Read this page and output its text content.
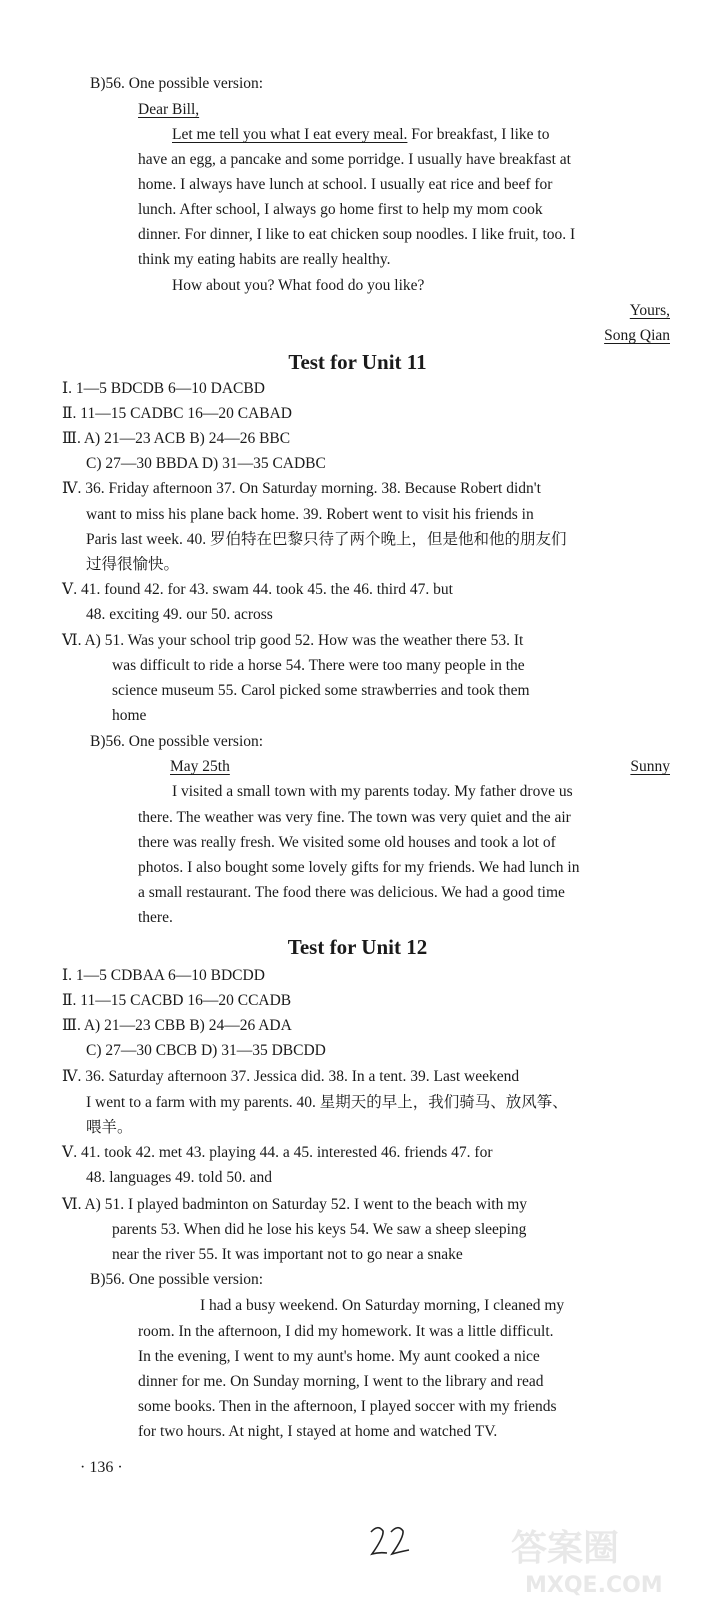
B)56. One possible version:
Dear Bill,
Let me tell you what I eat every meal. For breakfast, I like to
have an egg, a pancake and some porridge. I usually have breakfast at
home. I always have lunch at school. I usually eat rice and beef for
lunch. After school, I always go home first to help my mom cook
dinner. For dinner, I like to eat chicken soup noodles. I like fruit, too. I
think my eating habits are really healthy.
How about you? What food do you like?
Yours,
Song Qian
Test for Unit 11
Ⅰ. 1—5 BDCDB 6—10 DACBD
Ⅱ. 11—15 CADBC 16—20 CABAD
Ⅲ. A) 21—23 ACB B) 24—26 BBC
C) 27—30 BBDA D) 31—35 CADBC
Ⅳ. 36. Friday afternoon 37. On Saturday morning. 38. Because Robert didn't
want to miss his plane back home. 39. Robert went to visit his friends in
Paris last week. 40. 罗伯特在巴黎只待了两个晚上，但是他和他的朋友们
过得很愉快。
Ⅴ. 41. found 42. for 43. swam 44. took 45. the 46. third 47. but
48. exciting 49. our 50. across
Ⅵ. A) 51. Was your school trip good 52. How was the weather there 53. It
was difficult to ride a horse 54. There were too many people in the
science museum 55. Carol picked some strawberries and took them
home
B)56. One possible version:
May 25th	Sunny
I visited a small town with my parents today. My father drove us
there. The weather was very fine. The town was very quiet and the air
there was really fresh. We visited some old houses and took a lot of
photos. I also bought some lovely gifts for my friends. We had lunch in
a small restaurant. The food there was delicious. We had a good time
there.
Test for Unit 12
Ⅰ. 1—5 CDBAA 6—10 BDCDD
Ⅱ. 11—15 CACBD 16—20 CCADB
Ⅲ. A) 21—23 CBB B) 24—26 ADA
C) 27—30 CBCB D) 31—35 DBCDD
Ⅳ. 36. Saturday afternoon 37. Jessica did. 38. In a tent. 39. Last weekend
I went to a farm with my parents. 40. 星期天的早上，我们骑马、放风筝、
喂羊。
Ⅴ. 41. took 42. met 43. playing 44. a 45. interested 46. friends 47. for
48. languages 49. told 50. and
Ⅵ. A) 51. I played badminton on Saturday 52. I went to the beach with my
parents 53. When did he lose his keys 54. We saw a sheep sleeping
near the river 55. It was important not to go near a snake
B)56. One possible version:
I had a busy weekend. On Saturday morning, I cleaned my
room. In the afternoon, I did my homework. It was a little difficult.
In the evening, I went to my aunt's home. My aunt cooked a nice
dinner for me. On Sunday morning, I went to the library and read
some books. Then in the afternoon, I played soccer with my friends
for two hours. At night, I stayed at home and watched TV.
· 136 ·
答案圈
MXQE.COM
